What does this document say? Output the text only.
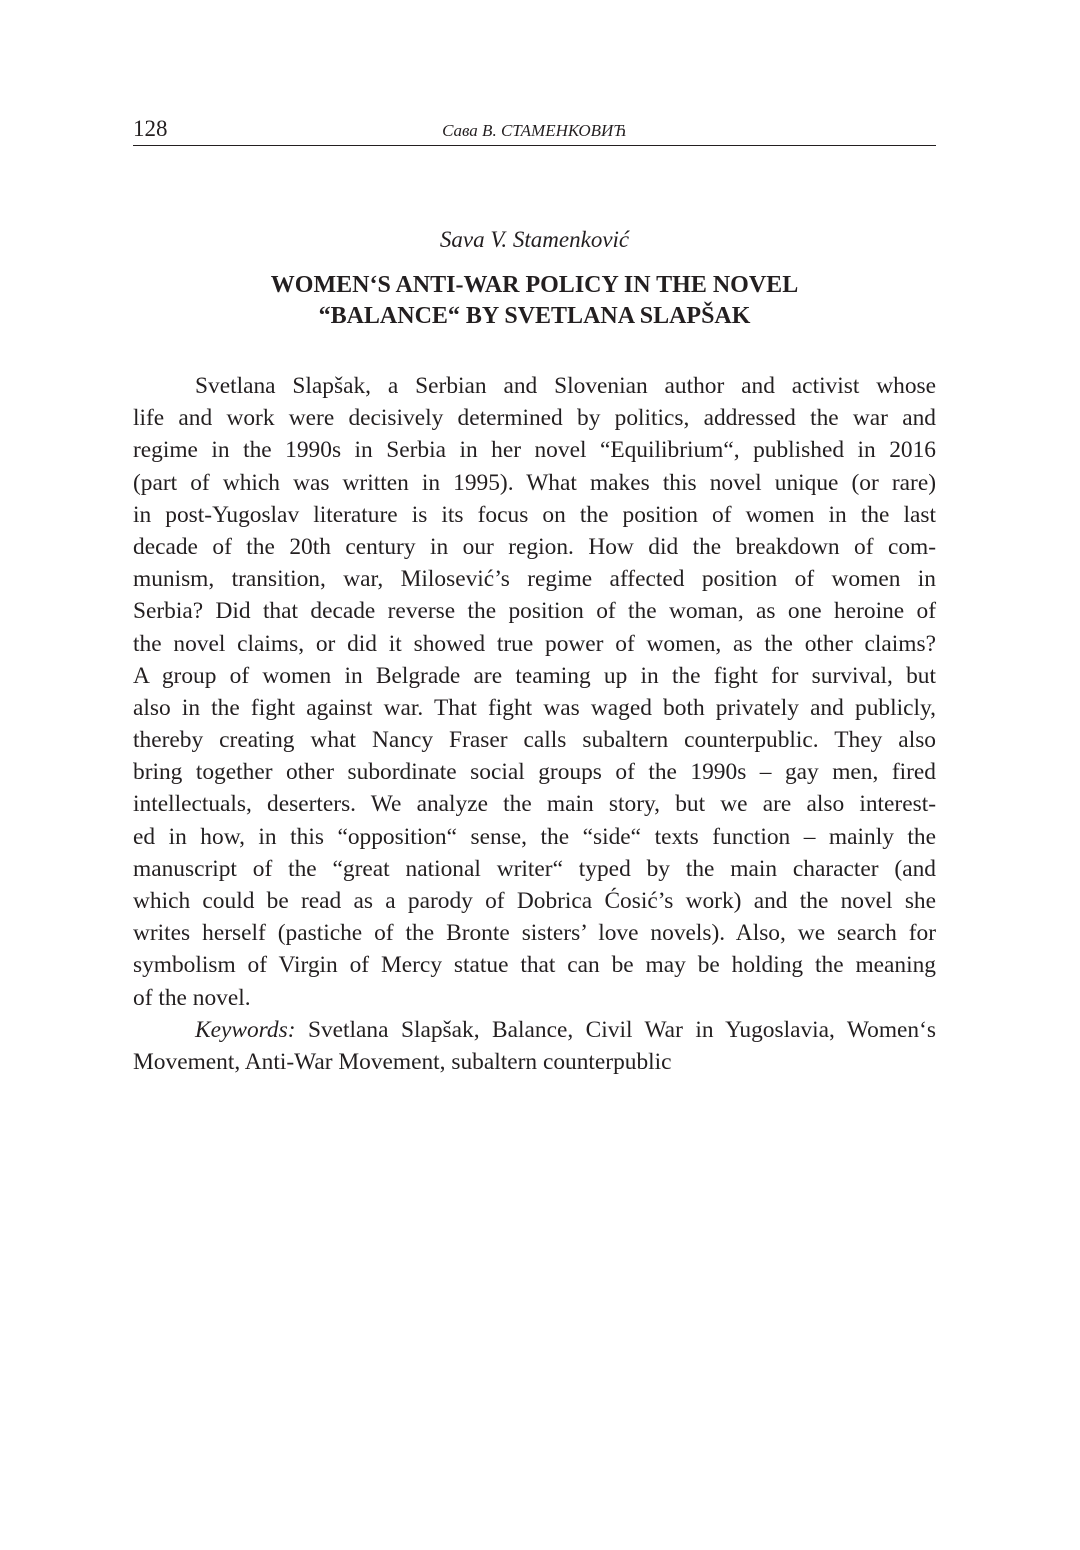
128	Сава В. СТАМЕНКОВИЋ
Sava V. Stamenković
WOMEN‘S ANTI-WAR POLICY IN THE NOVEL
“BALANCE“ BY SVETLANA SLAPŠAK

Svetlana Slapšak, a Serbian and Slovenian author and activist whose
life and work were decisively determined by politics, addressed the war and
regime in the 1990s in Serbia in her novel “Equilibrium“, published in 2016
(part of which was written in 1995). What makes this novel unique (or rare)
in post-Yugoslav literature is its focus on the position of women in the last
decade of the 20th century in our region. How did the breakdown of com-
munism, transition, war, Milosević’s regime affected position of women in
Serbia? Did that decade reverse the position of the woman, as one heroine of
the novel claims, or did it showed true power of women, as the other claims?
A group of women in Belgrade are teaming up in the fight for survival, but
also in the fight against war. That fight was waged both privately and publicly,
thereby creating what Nancy Fraser calls subaltern counterpublic. They also
bring together other subordinate social groups of the 1990s – gay men, fired
intellectuals, deserters. We analyze the main story, but we are also interest-
ed in how, in this “opposition“ sense, the “side“ texts function – mainly the
manuscript of the “great national writer“ typed by the main character (and
which could be read as a parody of Dobrica Ćosić’s work) and the novel she
writes herself (pastiche of the Bronte sisters’ love novels). Also, we search for
symbolism of Virgin of Mercy statue that can be may be holding the meaning
of the novel.

Keywords: Svetlana Slapšak, Balance, Civil War in Yugoslavia, Women‘s
Movement, Anti-War Movement, subaltern counterpublic
